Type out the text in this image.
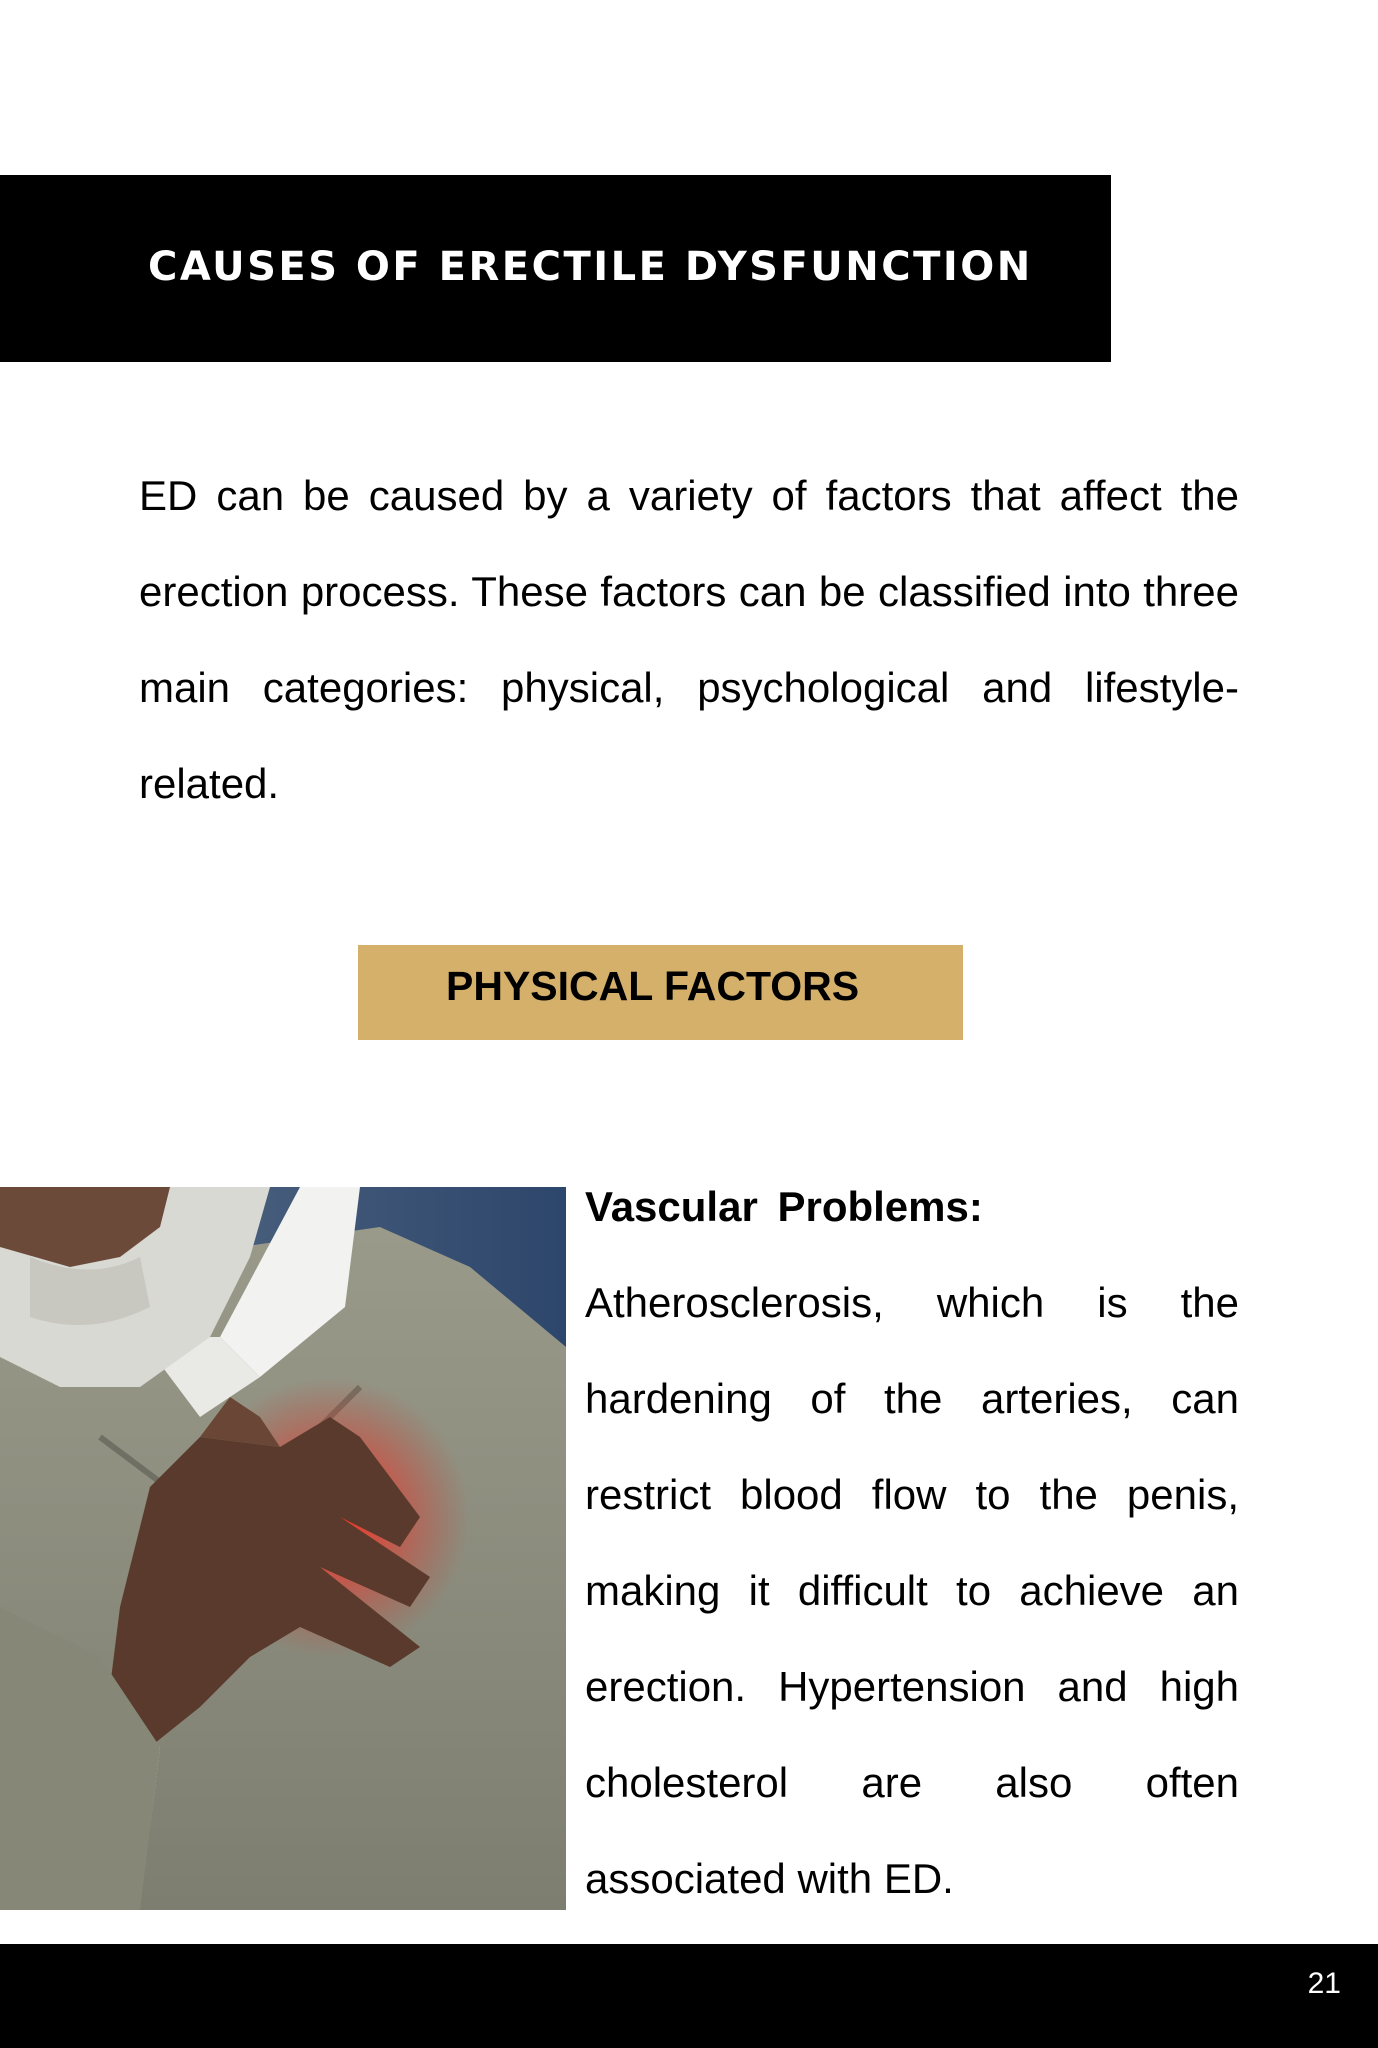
CAUSES OF ERECTILE DYSFUNCTION
ED can be caused by a variety of factors that affect the erection process. These factors can be classified into three main categories: physical, psychological and lifestyle-related.
PHYSICAL FACTORS
Vascular Problems:
Atherosclerosis, which is the hardening of the arteries, can restrict blood flow to the penis, making it difficult to achieve an erection. Hypertension and high cholesterol are also often associated with ED.
21
